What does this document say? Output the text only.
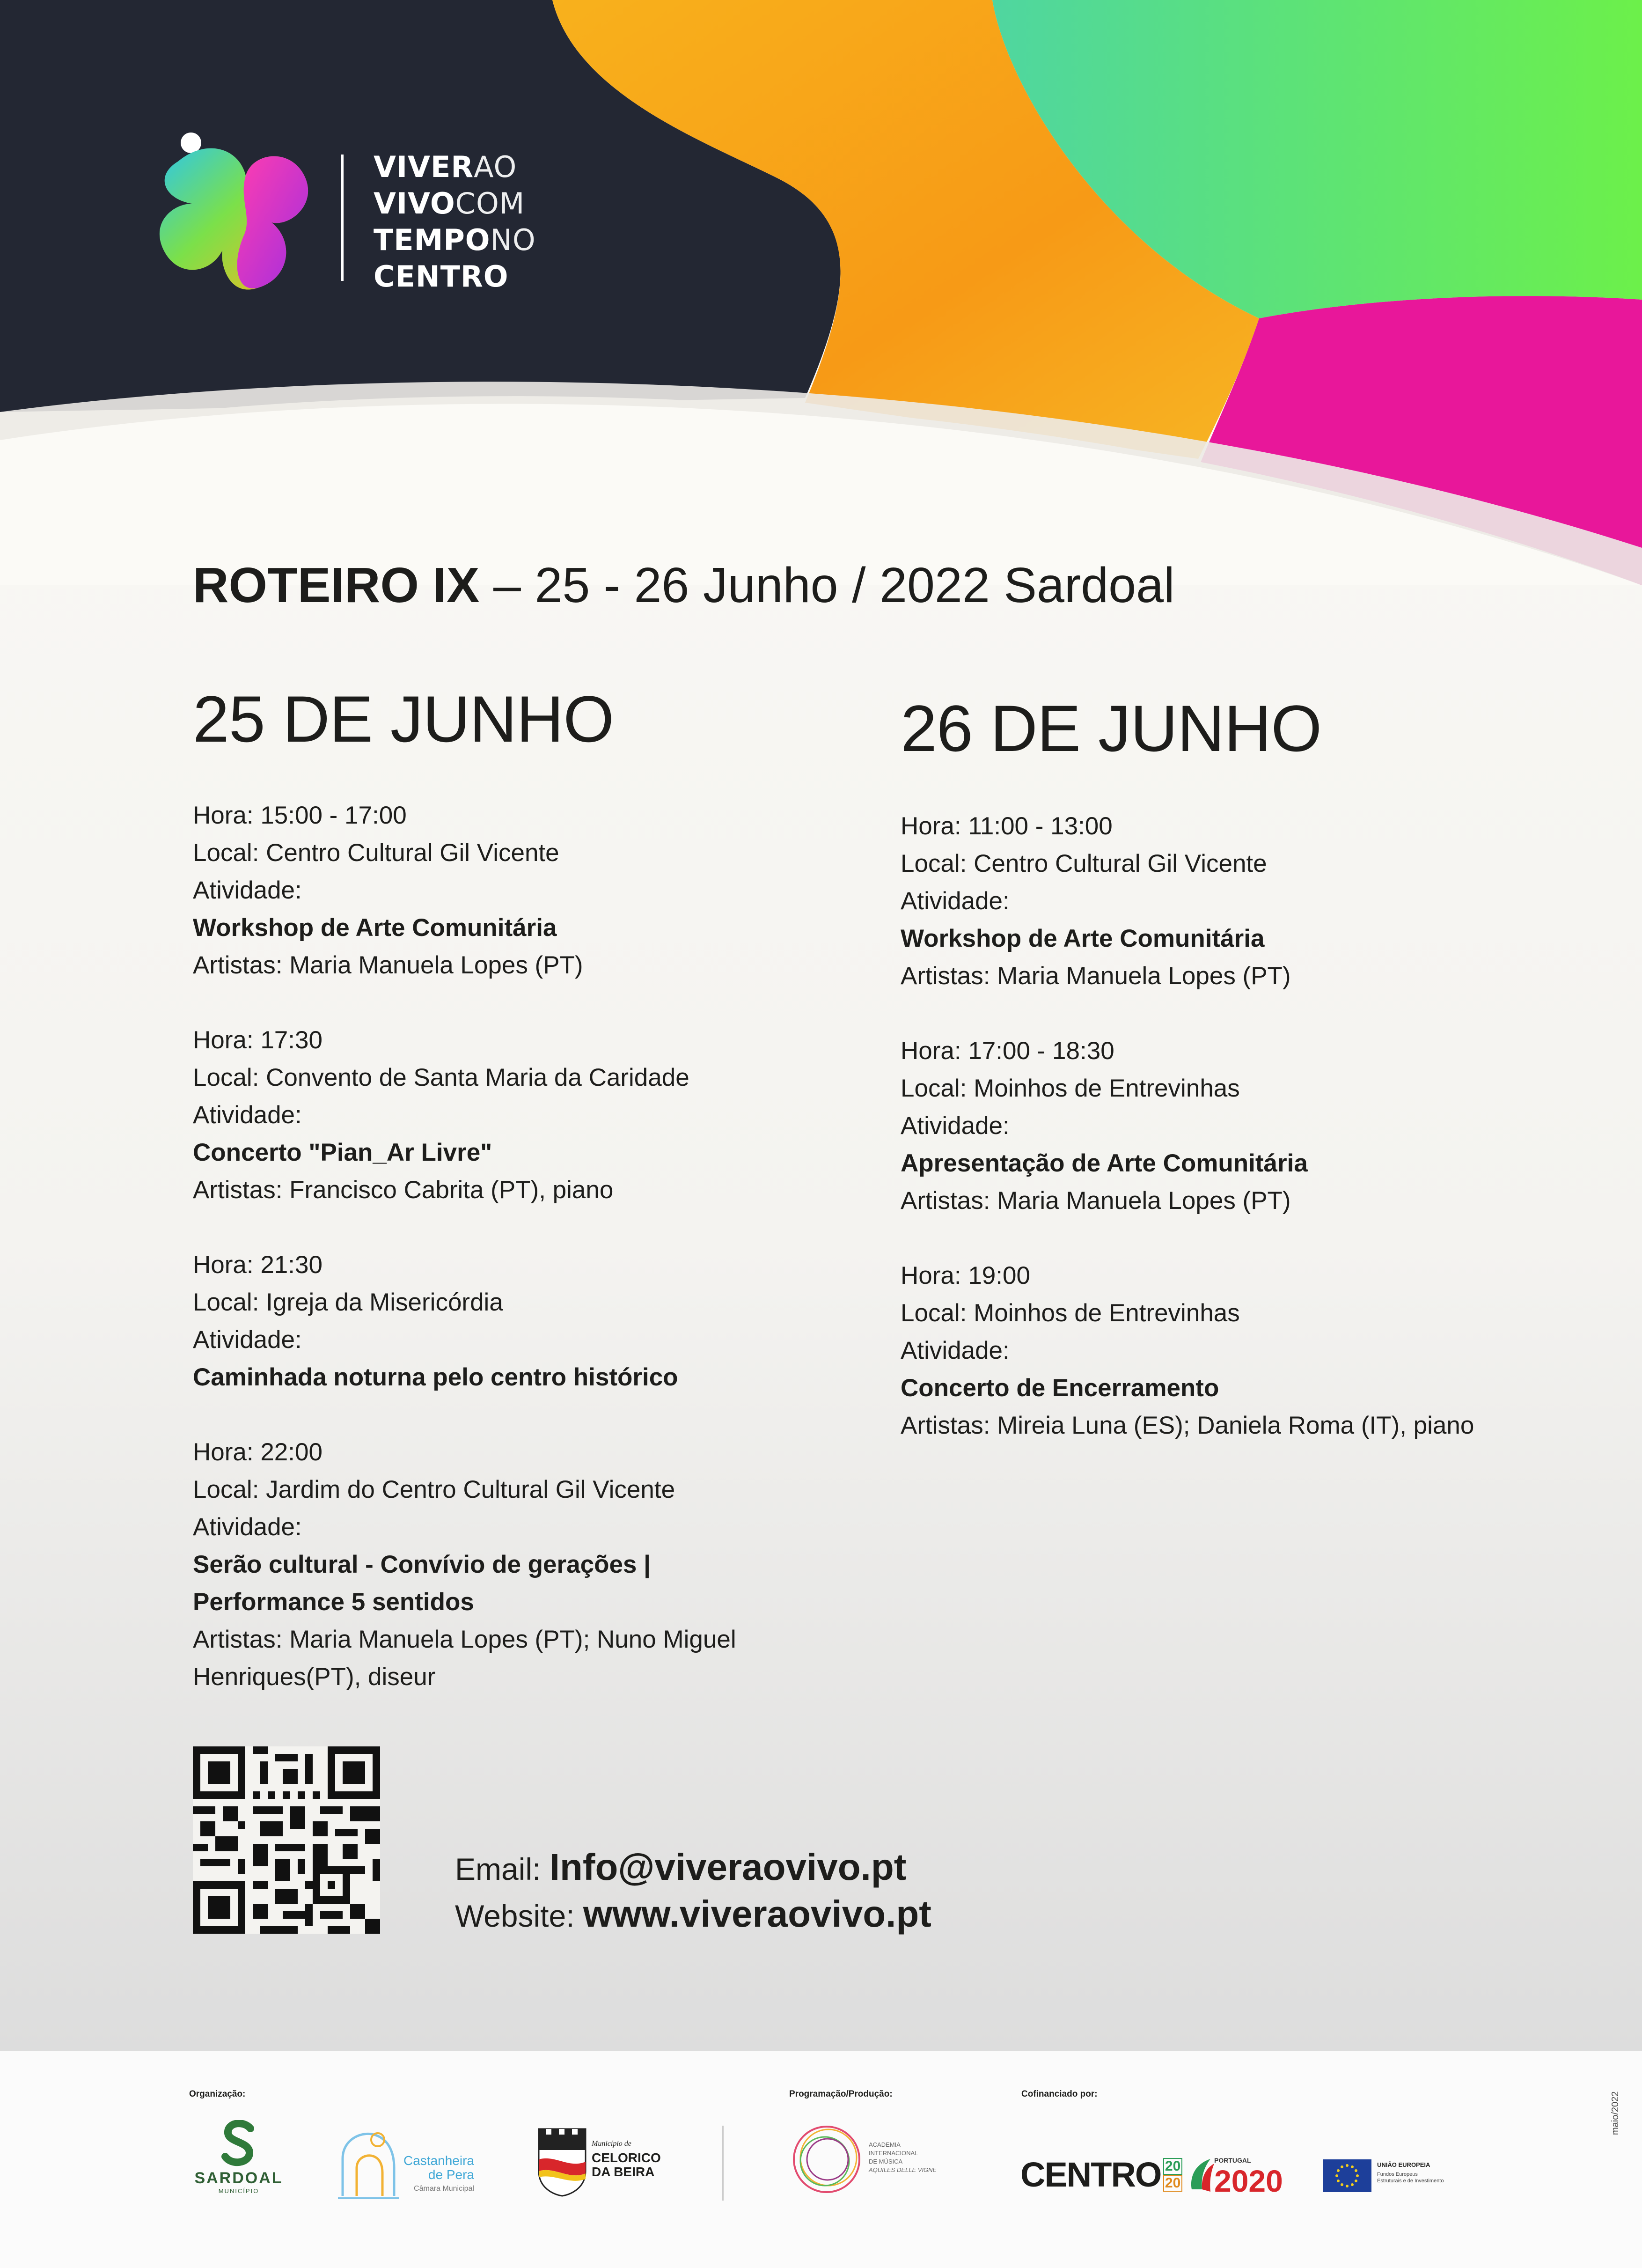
VIVERAO
VIVOCOM
TEMPONO
CENTRO
ROTEIRO IX – 25 - 26 Junho / 2022 Sardoal
25 DE JUNHO
Hora: 15:00 - 17:00
Local: Centro Cultural Gil Vicente
Atividade:
Workshop de Arte Comunitária
Artistas: Maria Manuela Lopes (PT)
Hora: 17:30
Local: Convento de Santa Maria da Caridade
Atividade:
Concerto "Pian_Ar Livre"
Artistas: Francisco Cabrita (PT), piano
Hora: 21:30
Local: Igreja da Misericórdia
Atividade:
Caminhada noturna pelo centro histórico
Hora: 22:00
Local: Jardim do Centro Cultural Gil Vicente
Atividade:
Serão cultural - Convívio de gerações |
Performance 5 sentidos
Artistas: Maria Manuela Lopes (PT); Nuno Miguel
Henriques(PT), diseur
26 DE JUNHO
Hora: 11:00 - 13:00
Local: Centro Cultural Gil Vicente
Atividade:
Workshop de Arte Comunitária
Artistas: Maria Manuela Lopes (PT)
Hora: 17:00 - 18:30
Local: Moinhos de Entrevinhas
Atividade:
Apresentação de Arte Comunitária
Artistas: Maria Manuela Lopes (PT)
Hora: 19:00
Local: Moinhos de Entrevinhas
Atividade:
Concerto de Encerramento
Artistas: Mireia Luna (ES); Daniela Roma (IT), piano
Email: Info@viveraovivo.pt
Website: www.viveraovivo.pt
Organização:	Programação/Produção:	Cofinanciado por:
SARDOAL
MUNICÍPIO
Castanheira
de Pera
Câmara Municipal
Município de
CELORICO
DA BEIRA
ACADEMIA
INTERNACIONAL
DE MÚSICA
AQUILES DELLE VIGNE CENTRO $\frac{20}{20}$	PORTUGAL
2020	UNIÃO EUROPEIA
Fundos Europeus
Estruturais e de Investimento
maio/2022
